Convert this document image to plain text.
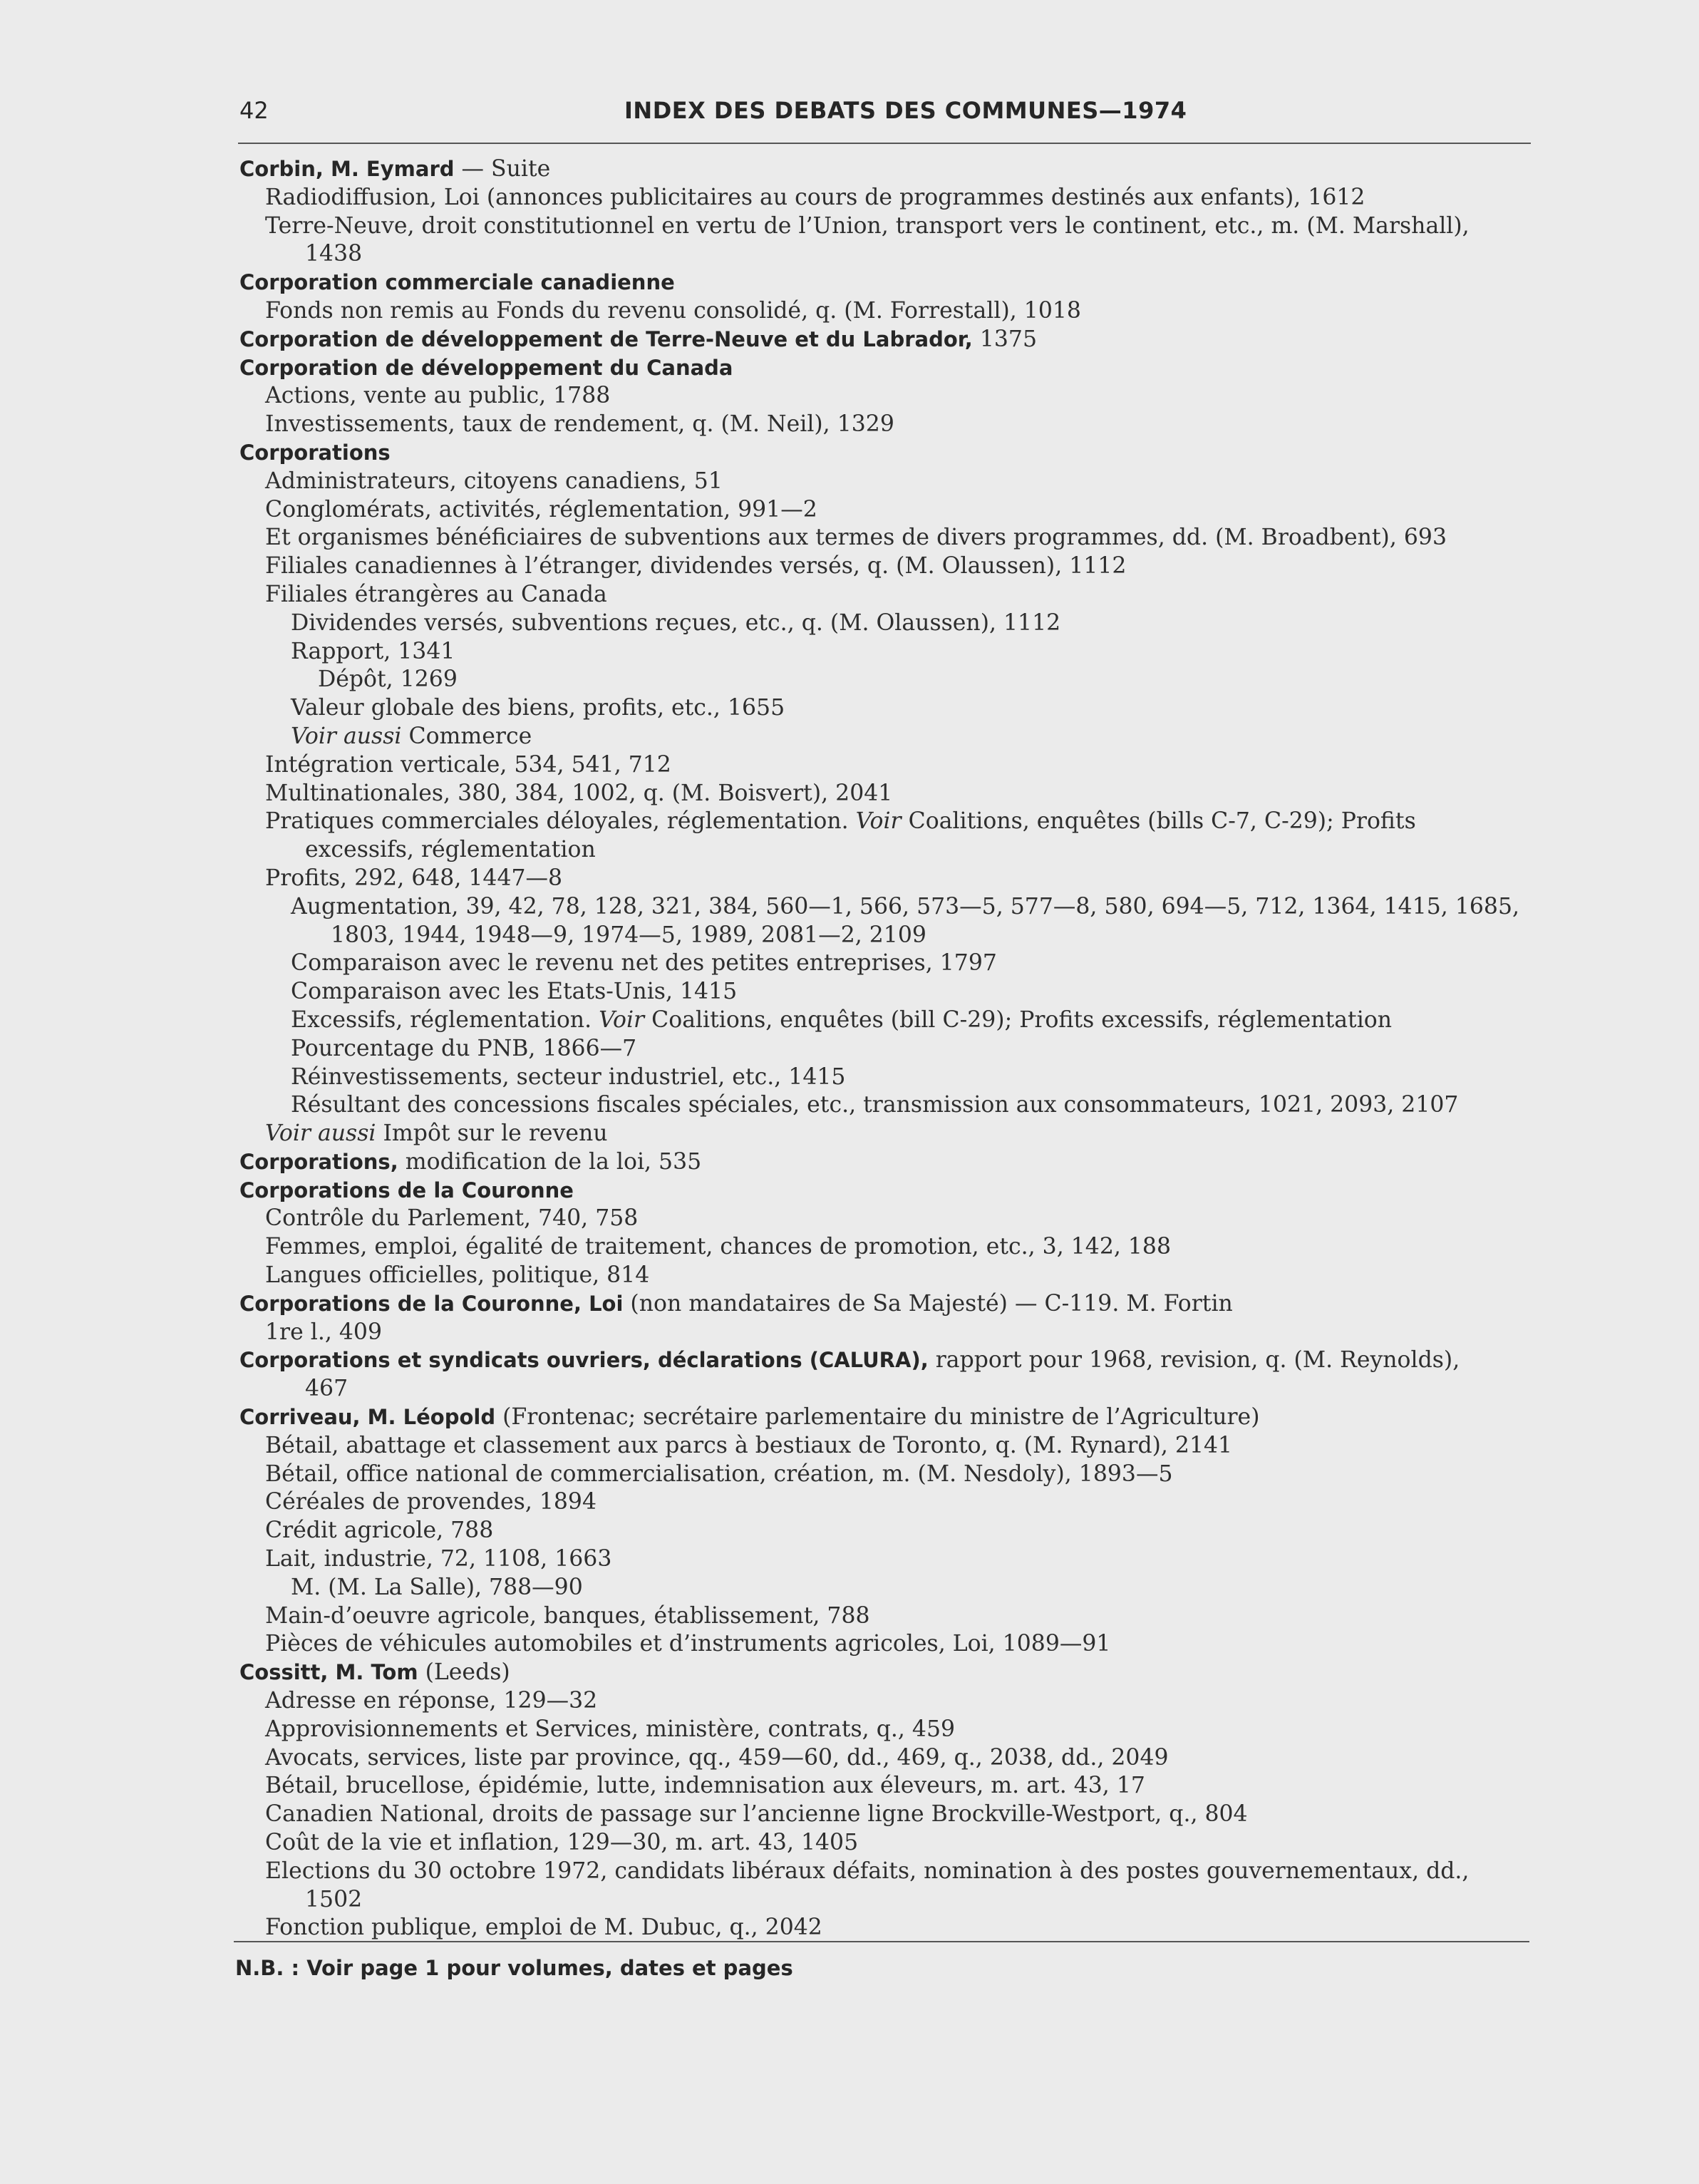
42	INDEX DES DEBATS DES COMMUNES—1974
Corbin, M. Eymard — Suite
Radiodiffusion, Loi (annonces publicitaires au cours de programmes destinés aux enfants), 1612
Terre-Neuve, droit constitutionnel en vertu de l’Union, transport vers le continent, etc., m. (M. Marshall),
1438
Corporation commerciale canadienne
Fonds non remis au Fonds du revenu consolidé, q. (M. Forrestall), 1018
Corporation de développement de Terre-Neuve et du Labrador, 1375
Corporation de développement du Canada
Actions, vente au public, 1788
Investissements, taux de rendement, q. (M. Neil), 1329
Corporations
Administrateurs, citoyens canadiens, 51
Conglomérats, activités, réglementation, 991—2
Et organismes bénéficiaires de subventions aux termes de divers programmes, dd. (M. Broadbent), 693
Filiales canadiennes à l’étranger, dividendes versés, q. (M. Olaussen), 1112
Filiales étrangères au Canada
Dividendes versés, subventions reçues, etc., q. (M. Olaussen), 1112
Rapport, 1341
Dépôt, 1269
Valeur globale des biens, profits, etc., 1655
Voir aussi Commerce
Intégration verticale, 534, 541, 712
Multinationales, 380, 384, 1002, q. (M. Boisvert), 2041
Pratiques commerciales déloyales, réglementation. Voir Coalitions, enquêtes (bills C-7, C-29); Profits
excessifs, réglementation
Profits, 292, 648, 1447—8
Augmentation, 39, 42, 78, 128, 321, 384, 560—1, 566, 573—5, 577—8, 580, 694—5, 712, 1364, 1415, 1685,
1803, 1944, 1948—9, 1974—5, 1989, 2081—2, 2109
Comparaison avec le revenu net des petites entreprises, 1797
Comparaison avec les Etats-Unis, 1415
Excessifs, réglementation. Voir Coalitions, enquêtes (bill C-29); Profits excessifs, réglementation
Pourcentage du PNB, 1866—7
Réinvestissements, secteur industriel, etc., 1415
Résultant des concessions fiscales spéciales, etc., transmission aux consommateurs, 1021, 2093, 2107
Voir aussi Impôt sur le revenu
Corporations, modification de la loi, 535
Corporations de la Couronne
Contrôle du Parlement, 740, 758
Femmes, emploi, égalité de traitement, chances de promotion, etc., 3, 142, 188
Langues officielles, politique, 814
Corporations de la Couronne, Loi (non mandataires de Sa Majesté) — C-119. M. Fortin
1re l., 409
Corporations et syndicats ouvriers, déclarations (CALURA), rapport pour 1968, revision, q. (M. Reynolds),
467
Corriveau, M. Léopold (Frontenac; secrétaire parlementaire du ministre de l’Agriculture)
Bétail, abattage et classement aux parcs à bestiaux de Toronto, q. (M. Rynard), 2141
Bétail, office national de commercialisation, création, m. (M. Nesdoly), 1893—5
Céréales de provendes, 1894
Crédit agricole, 788
Lait, industrie, 72, 1108, 1663
M. (M. La Salle), 788—90
Main-d’oeuvre agricole, banques, établissement, 788
Pièces de véhicules automobiles et d’instruments agricoles, Loi, 1089—91
Cossitt, M. Tom (Leeds)
Adresse en réponse, 129—32
Approvisionnements et Services, ministère, contrats, q., 459
Avocats, services, liste par province, qq., 459—60, dd., 469, q., 2038, dd., 2049
Bétail, brucellose, épidémie, lutte, indemnisation aux éleveurs, m. art. 43, 17
Canadien National, droits de passage sur l’ancienne ligne Brockville-Westport, q., 804
Coût de la vie et inflation, 129—30, m. art. 43, 1405
Elections du 30 octobre 1972, candidats libéraux défaits, nomination à des postes gouvernementaux, dd.,
1502
Fonction publique, emploi de M. Dubuc, q., 2042
N.B. : Voir page 1 pour volumes, dates et pages
